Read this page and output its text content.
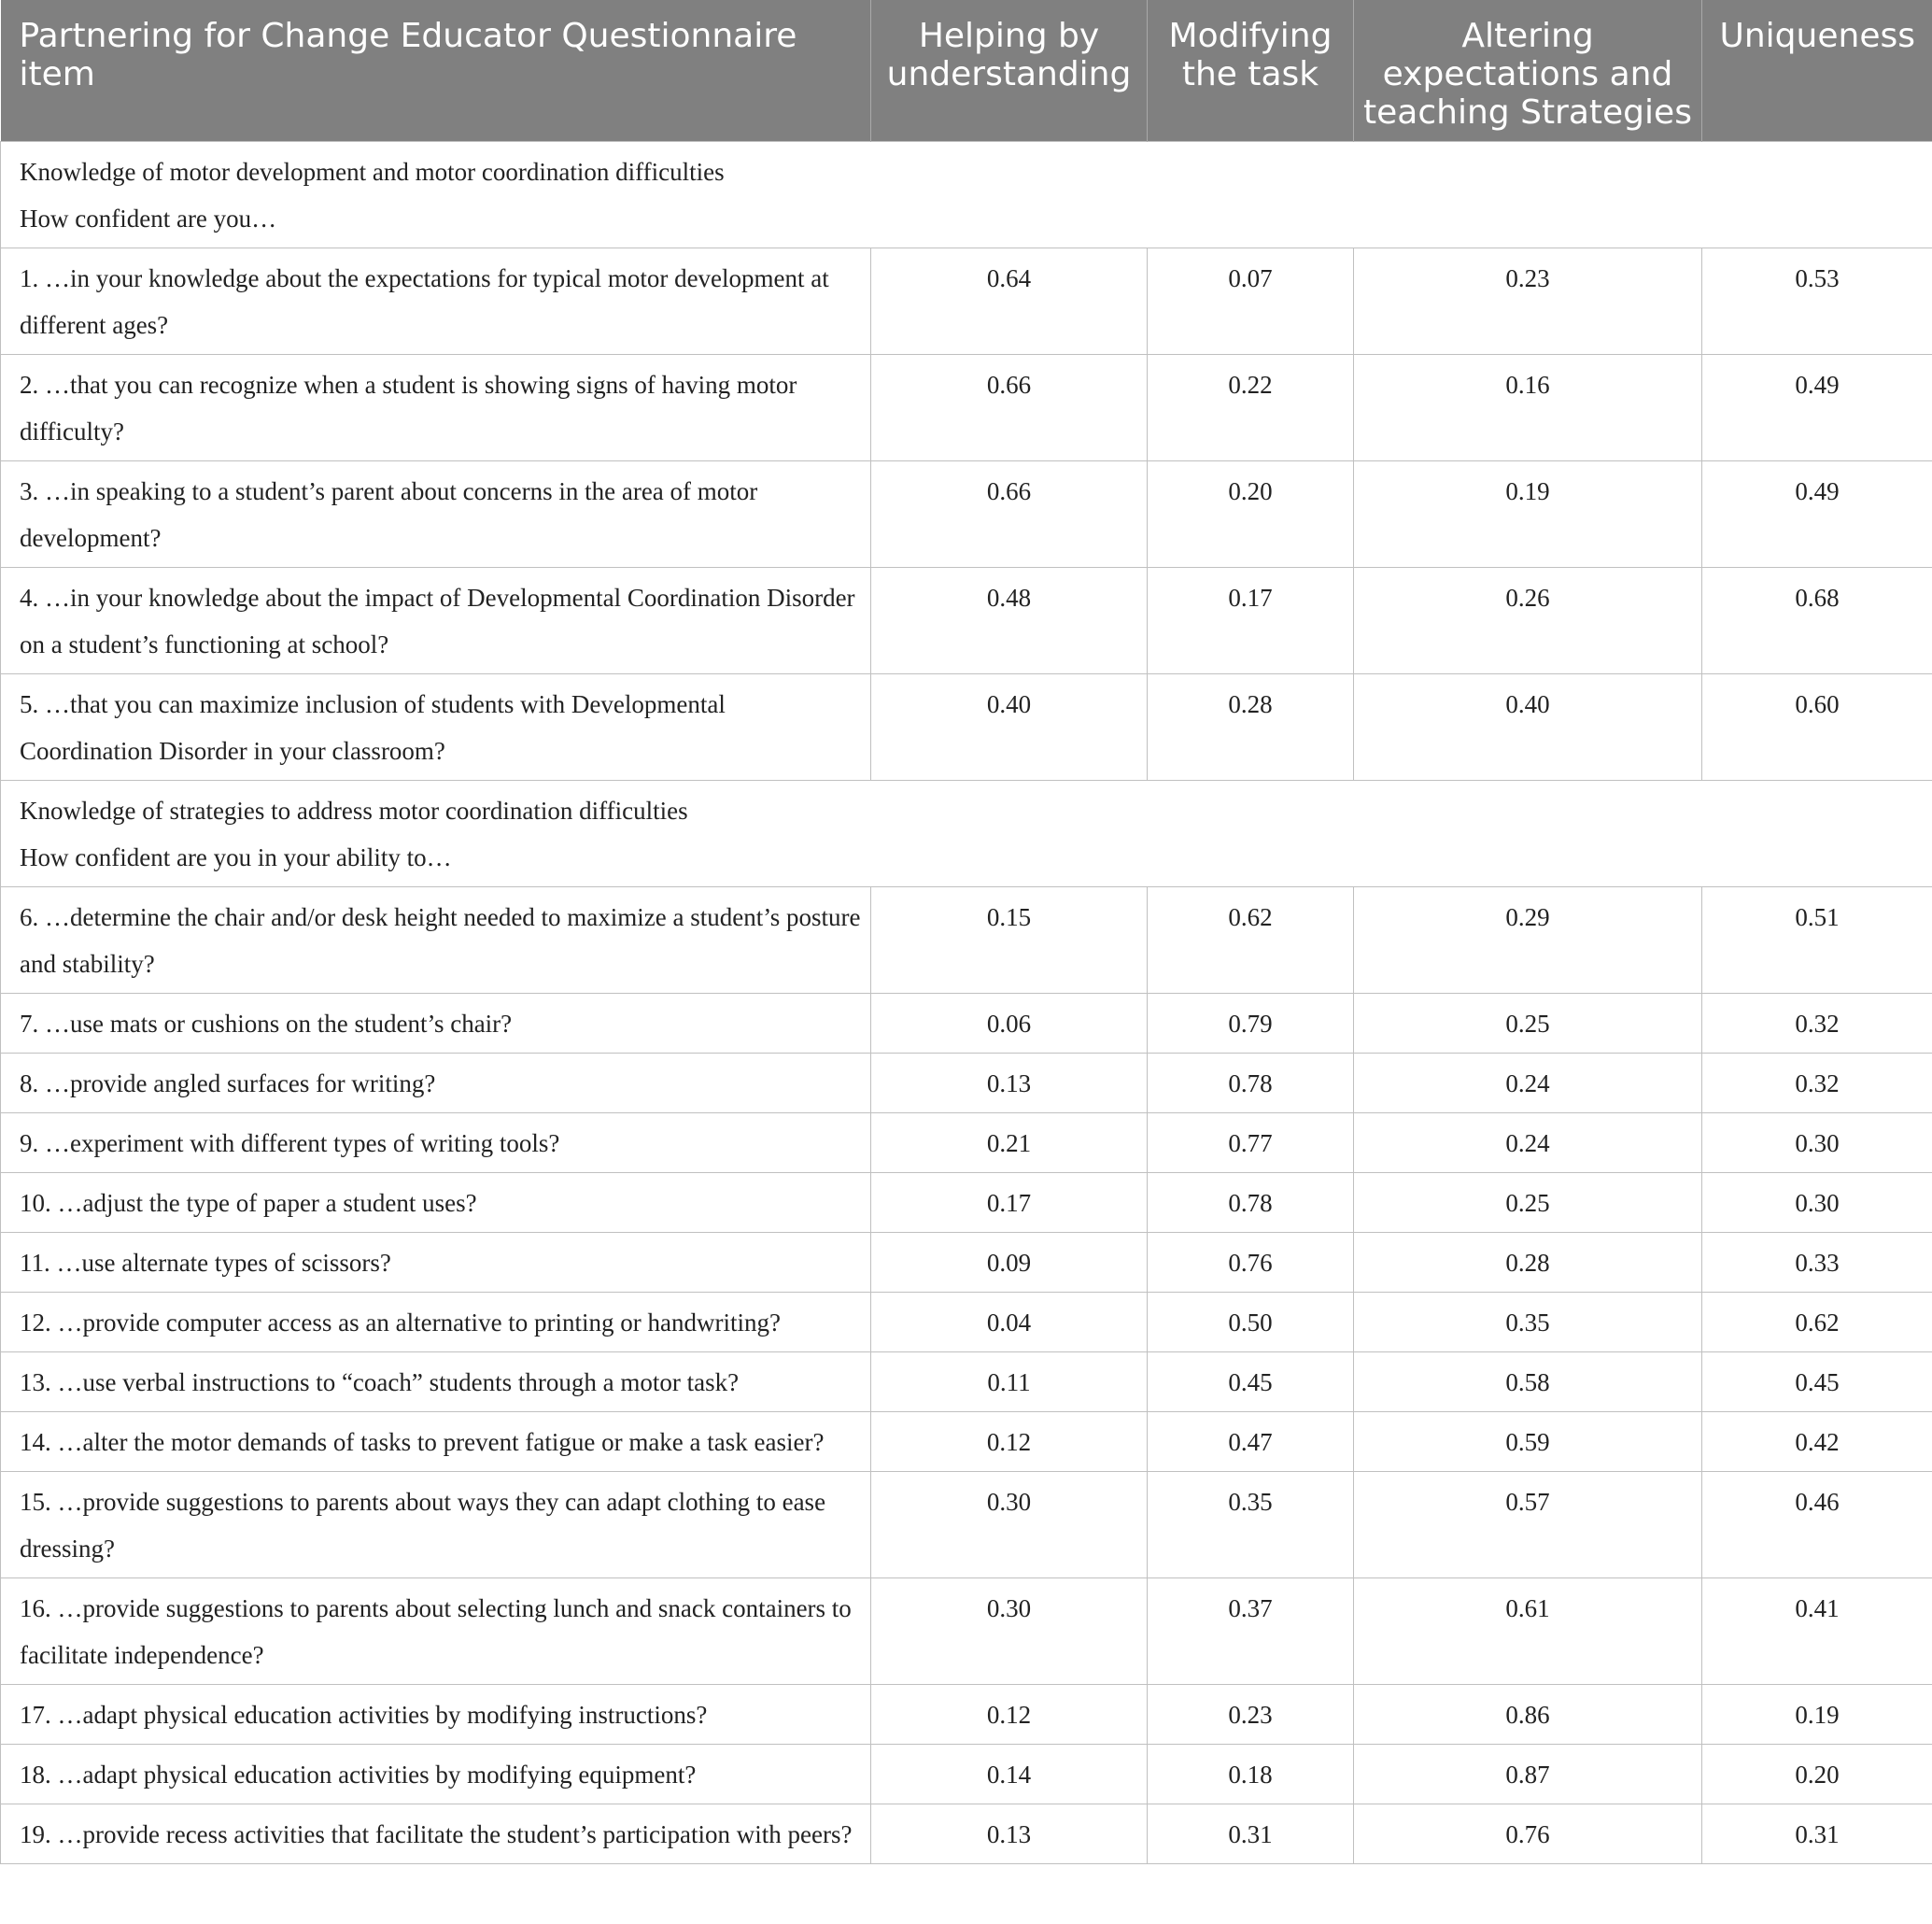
Partnering for Change Educator Questionnaire item	Helping by understanding	Modifying the task	Altering expectations and teaching Strategies	Uniqueness

Knowledge of motor development and motor coordination difficulties
How confident are you…				

1. …in your knowledge about the expectations for typical motor development at different ages?	0.64	0.07	0.23	0.53
2. …that you can recognize when a student is showing signs of having motor difficulty?	0.66	0.22	0.16	0.49
3. …in speaking to a student’s parent about concerns in the area of motor development?	0.66	0.20	0.19	0.49
4. …in your knowledge about the impact of Developmental Coordination Disorder on a student’s functioning at school?	0.48	0.17	0.26	0.68
5. …that you can maximize inclusion of students with Developmental Coordination Disorder in your classroom?	0.40	0.28	0.40	0.60

Knowledge of strategies to address motor coordination difficulties
How confident are you in your ability to…				

6. …determine the chair and/or desk height needed to maximize a student’s posture and stability?	0.15	0.62	0.29	0.51
7. …use mats or cushions on the student’s chair?	0.06	0.79	0.25	0.32
8. …provide angled surfaces for writing?	0.13	0.78	0.24	0.32
9. …experiment with different types of writing tools?	0.21	0.77	0.24	0.30
10. …adjust the type of paper a student uses?	0.17	0.78	0.25	0.30
11. …use alternate types of scissors?	0.09	0.76	0.28	0.33
12. …provide computer access as an alternative to printing or handwriting?	0.04	0.50	0.35	0.62
13. …use verbal instructions to “coach” students through a motor task?	0.11	0.45	0.58	0.45
14. …alter the motor demands of tasks to prevent fatigue or make a task easier?	0.12	0.47	0.59	0.42
15. …provide suggestions to parents about ways they can adapt clothing to ease dressing?	0.30	0.35	0.57	0.46
16. …provide suggestions to parents about selecting lunch and snack containers to facilitate independence?	0.30	0.37	0.61	0.41
17. …adapt physical education activities by modifying instructions?	0.12	0.23	0.86	0.19
18. …adapt physical education activities by modifying equipment?	0.14	0.18	0.87	0.20
19. …provide recess activities that facilitate the student’s participation with peers?	0.13	0.31	0.76	0.31
